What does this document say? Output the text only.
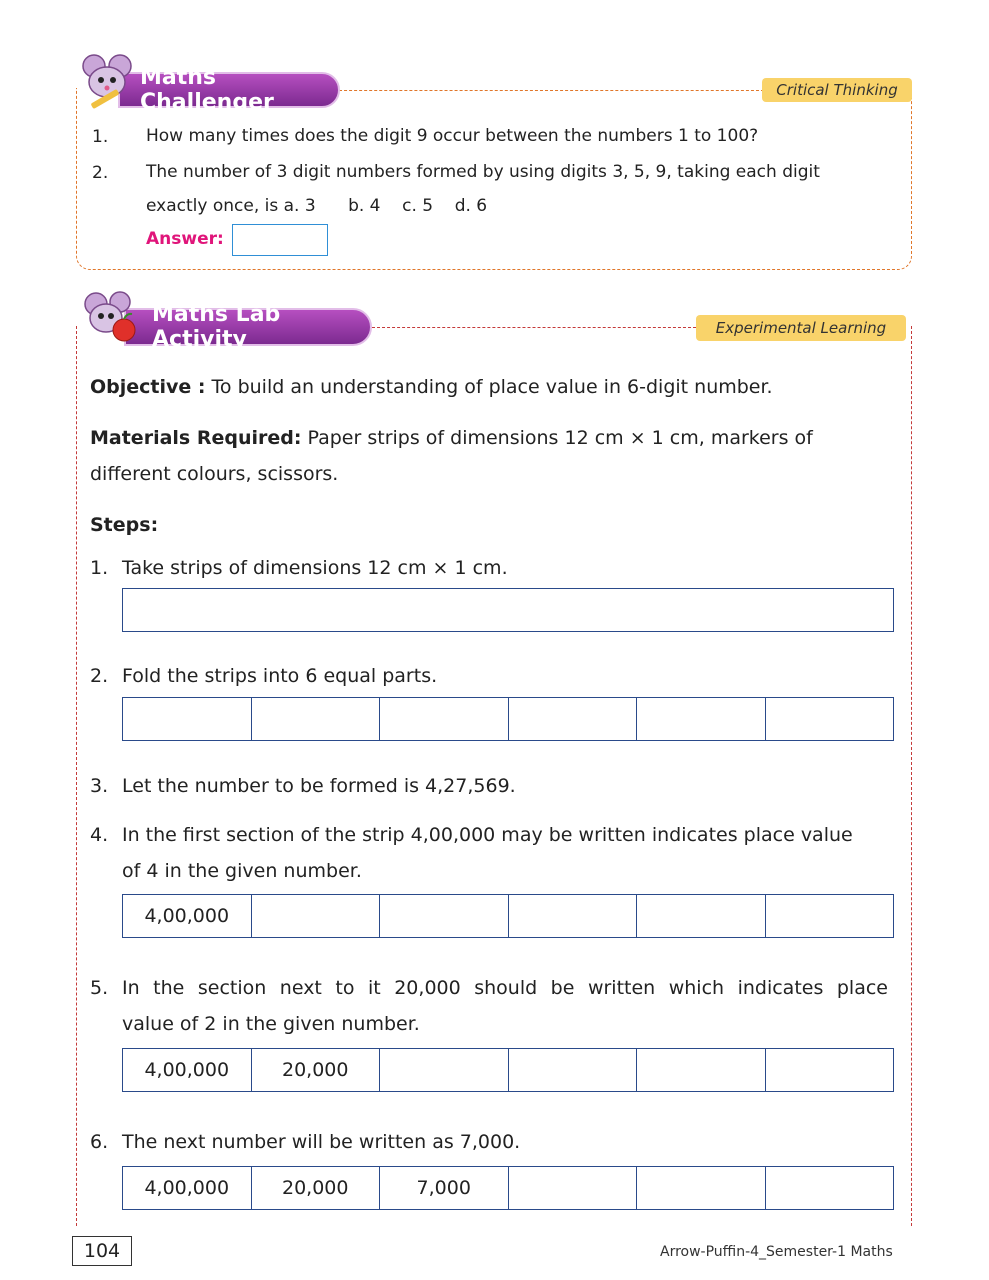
Maths Challenger	Critical Thinking
1. How many times does the digit 9 occur between the numbers 1 to 100?
2. The number of 3 digit numbers formed by using digits 3, 5, 9, taking each digit
exactly once, is a. 3      b. 4    c. 5    d. 6
Answer:
Maths Lab Activity	Experimental Learning
Objective : To build an understanding of place value in 6-digit number.
Materials Required: Paper strips of dimensions 12 cm × 1 cm, markers of
different colours, scissors.
Steps:
1. Take strips of dimensions 12 cm × 1 cm.
2. Fold the strips into 6 equal parts.
3. Let the number to be formed is 4,27,569.
4. In the first section of the strip 4,00,000 may be written indicates place value
of 4 in the given number.
4,00,000
5. In the section next to it 20,000 should be written which indicates place
value of 2 in the given number.
4,00,000	20,000
6. The next number will be written as 7,000.
4,00,000	20,000	7,000
104	Arrow-Puffin-4_Semester-1 Maths
